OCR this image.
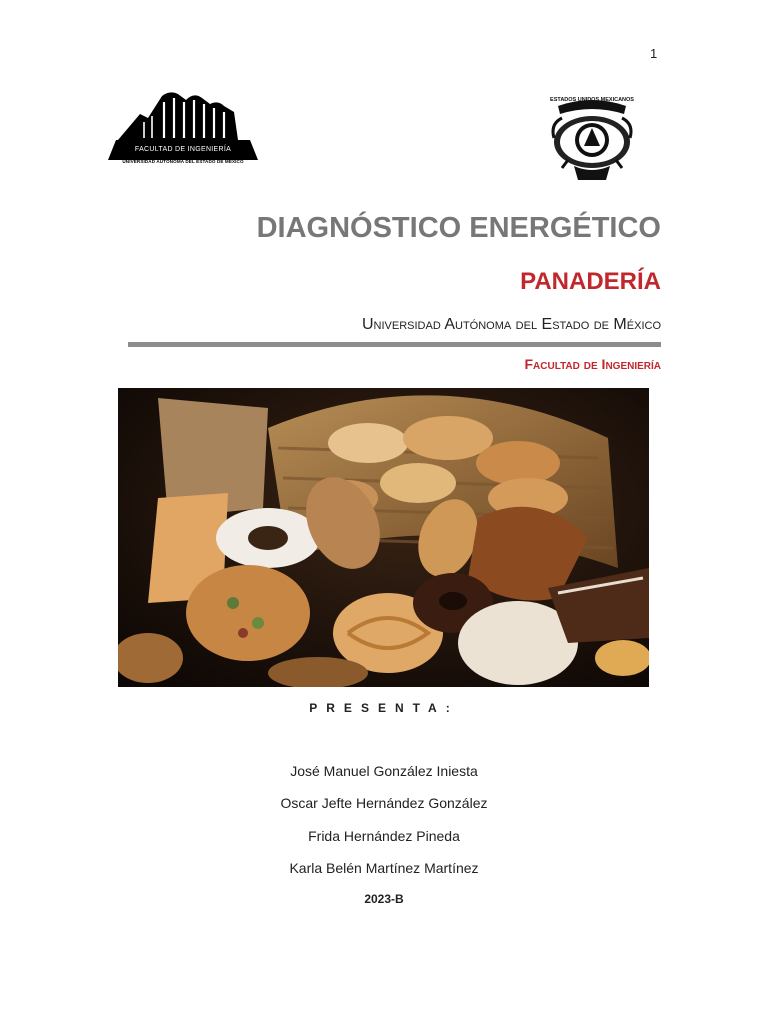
1
FACULTAD DE INGENIERÍA
UNIVERSIDAD AUTÓNOMA DEL ESTADO DE MÉXICO
ESTADOS UNIDOS MEXICANOS
DIAGNÓSTICO ENERGÉTICO
PANADERÍA
Universidad Autónoma del Estado de México
Facultad de Ingeniería
PRESENTA:
José Manuel González Iniesta
Oscar Jefte Hernández González
Frida Hernández Pineda
Karla Belén Martínez Martínez
2023-B
